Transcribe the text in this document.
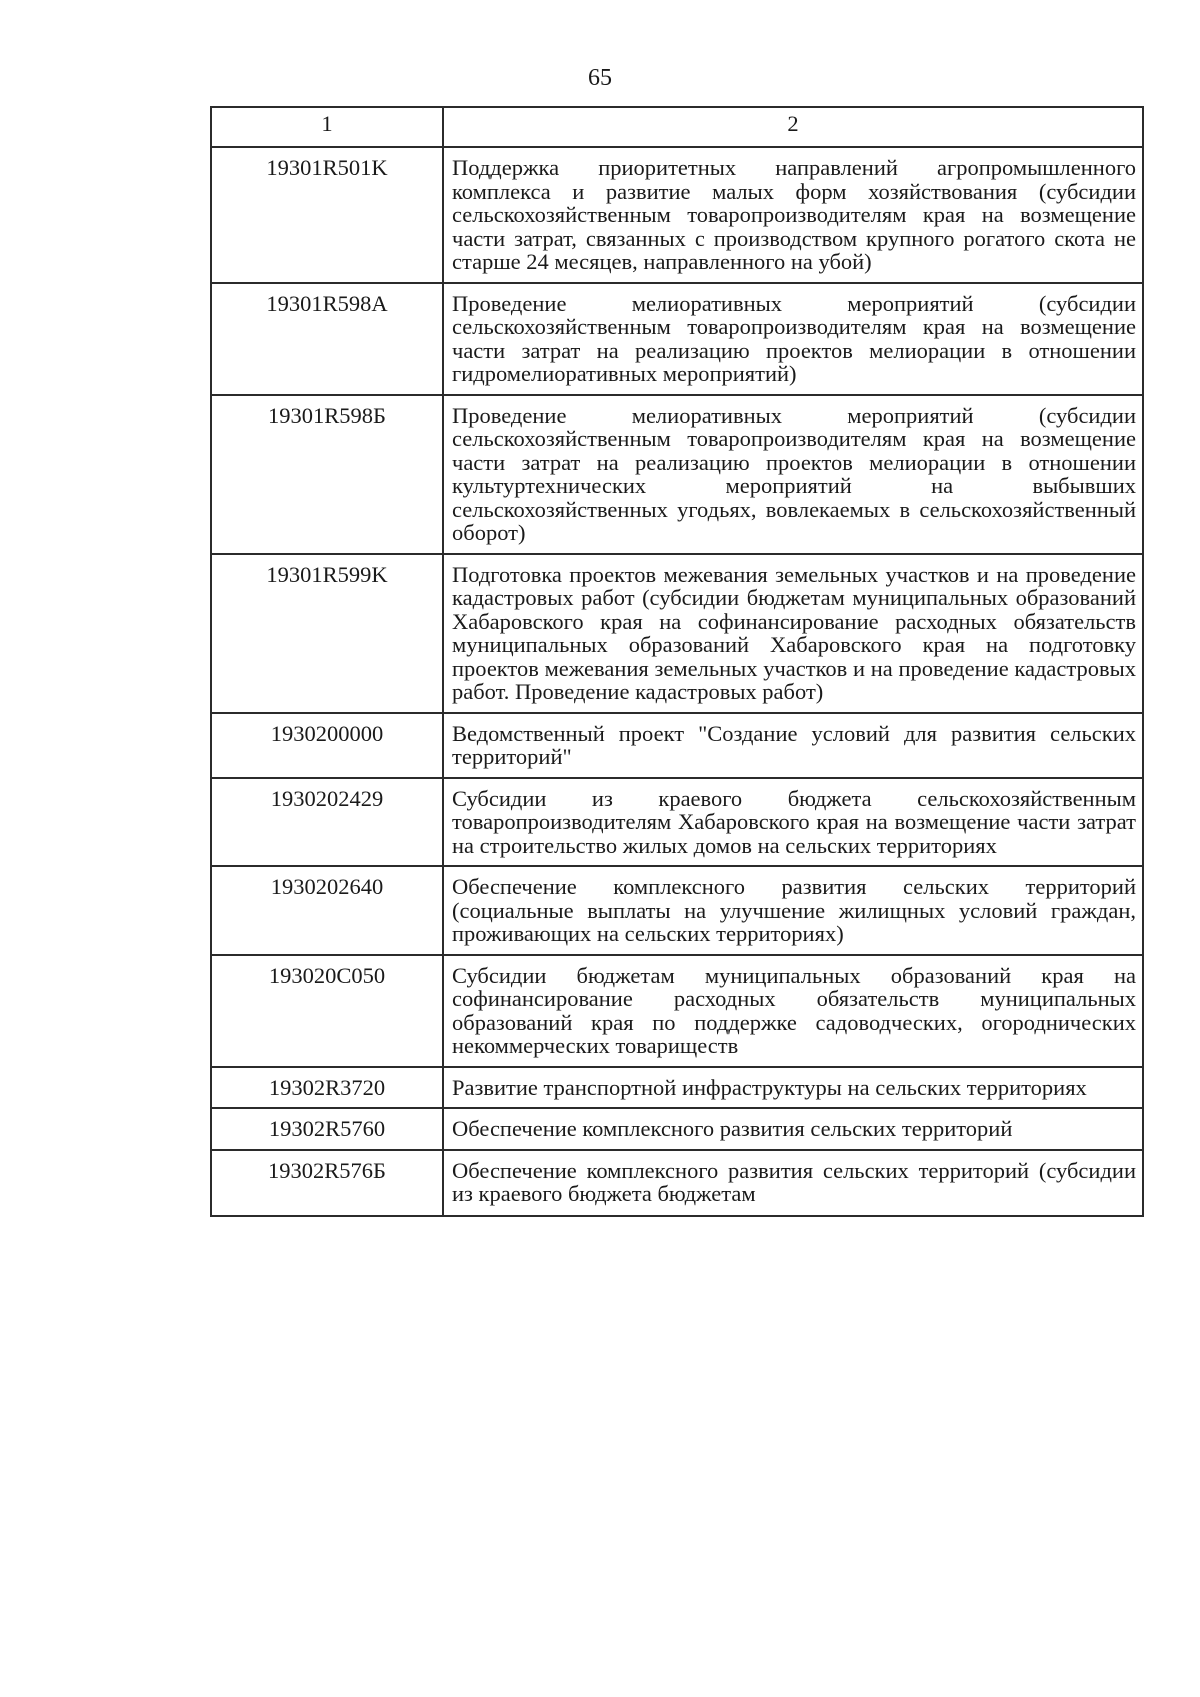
65
1	2
19301R501K	Поддержка приоритетных направлений агропромышленного комплекса и развитие малых форм хозяйствования (субсидии сельскохозяйственным товаропроизводителям края на возмещение части затрат, связанных с производством крупного рогатого скота не старше 24 месяцев, направленного на убой)
19301R598A	Проведение мелиоративных мероприятий (субсидии сельскохозяйственным товаропроизводителям края на возмещение части затрат на реализацию проектов мелиорации в отношении гидромелиоративных мероприятий)
19301R598Б	Проведение мелиоративных мероприятий (субсидии сельскохозяйственным товаропроизводителям края на возмещение части затрат на реализацию проектов мелиорации в отношении культуртехнических мероприятий на выбывших сельскохозяйственных угодьях, вовлекаемых в сельскохозяйственный оборот)
19301R599K	Подготовка проектов межевания земельных участков и на проведение кадастровых работ (субсидии бюджетам муниципальных образований Хабаровского края на софинансирование расходных обязательств муниципальных образований Хабаровского края на подготовку проектов межевания земельных участков и на проведение кадастровых работ. Проведение кадастровых работ)
1930200000	Ведомственный проект "Создание условий для развития сельских территорий"
1930202429	Субсидии из краевого бюджета сельскохозяйственным товаропроизводителям Хабаровского края на возмещение части затрат на строительство жилых домов на сельских территориях
1930202640	Обеспечение комплексного развития сельских территорий (социальные выплаты на улучшение жилищных условий граждан, проживающих на сельских территориях)
193020C050	Субсидии бюджетам муниципальных образований края на софинансирование расходных обязательств муниципальных образований края по поддержке садоводческих, огороднических некоммерческих товариществ
19302R3720	Развитие транспортной инфраструктуры на сельских территориях
19302R5760	Обеспечение комплексного развития сельских территорий
19302R576Б	Обеспечение комплексного развития сельских территорий (субсидии из краевого бюджета бюджетам
